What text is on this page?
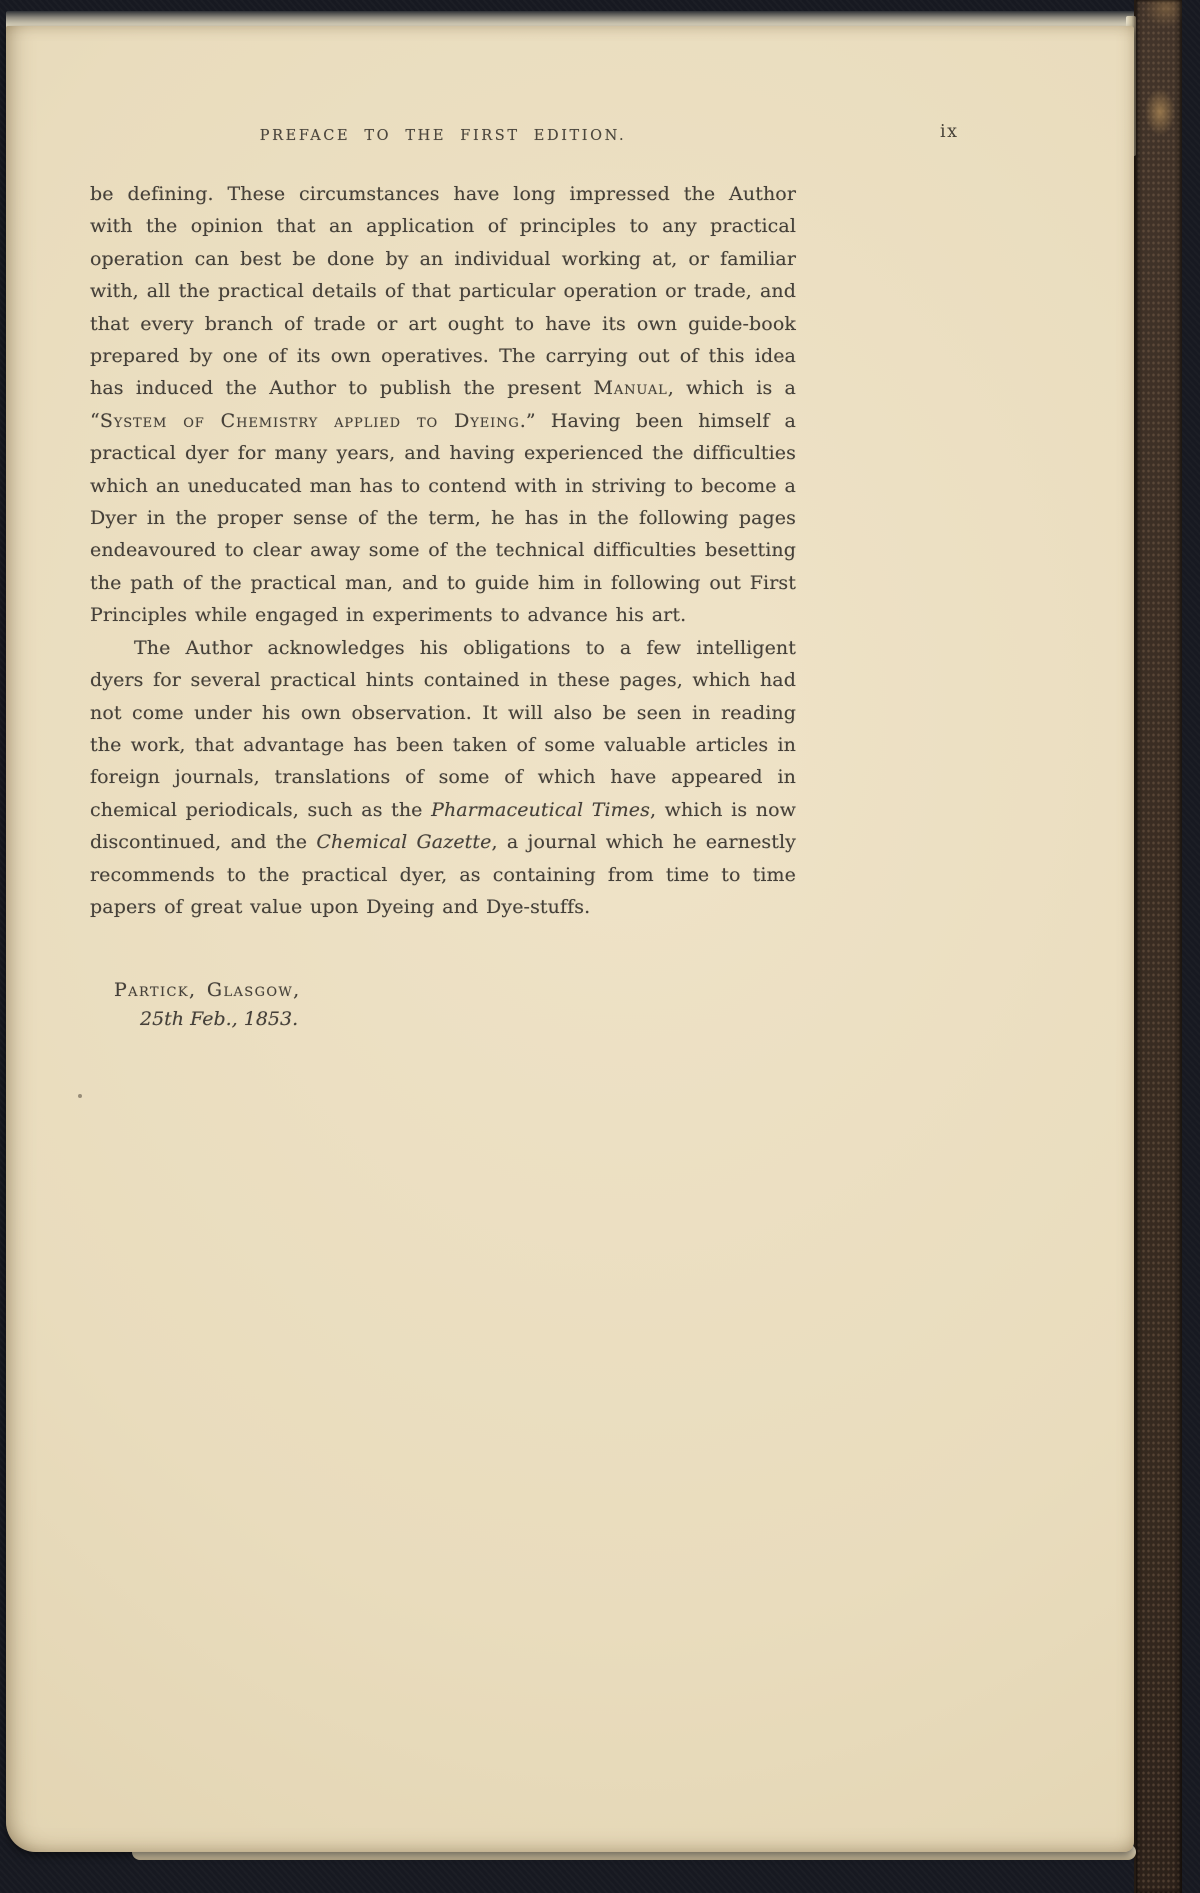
PREFACE TO THE FIRST EDITION.	ix

be defining. These circumstances have long impressed the Author with the opinion that an application of principles to any practical operation can best be done by an individual working at, or familiar with, all the practical details of that particular operation or trade, and that every branch of trade or art ought to have its own guide-book prepared by one of its own operatives. The carrying out of this idea has induced the Author to publish the present Manual, which is a “System of Chemistry applied to Dyeing.” Having been himself a practical dyer for many years, and having experienced the difficulties which an uneducated man has to contend with in striving to become a Dyer in the proper sense of the term, he has in the following pages endeavoured to clear away some of the technical difficulties besetting the path of the practical man, and to guide him in following out First Principles while engaged in experiments to advance his art.

The Author acknowledges his obligations to a few intelligent dyers for several practical hints contained in these pages, which had not come under his own observation. It will also be seen in reading the work, that advantage has been taken of some valuable articles in foreign journals, translations of some of which have appeared in chemical periodicals, such as the Pharmaceutical Times, which is now discontinued, and the Chemical Gazette, a journal which he earnestly recommends to the practical dyer, as containing from time to time papers of great value upon Dyeing and Dye-stuffs.

Partick, Glasgow,
25th Feb., 1853.
